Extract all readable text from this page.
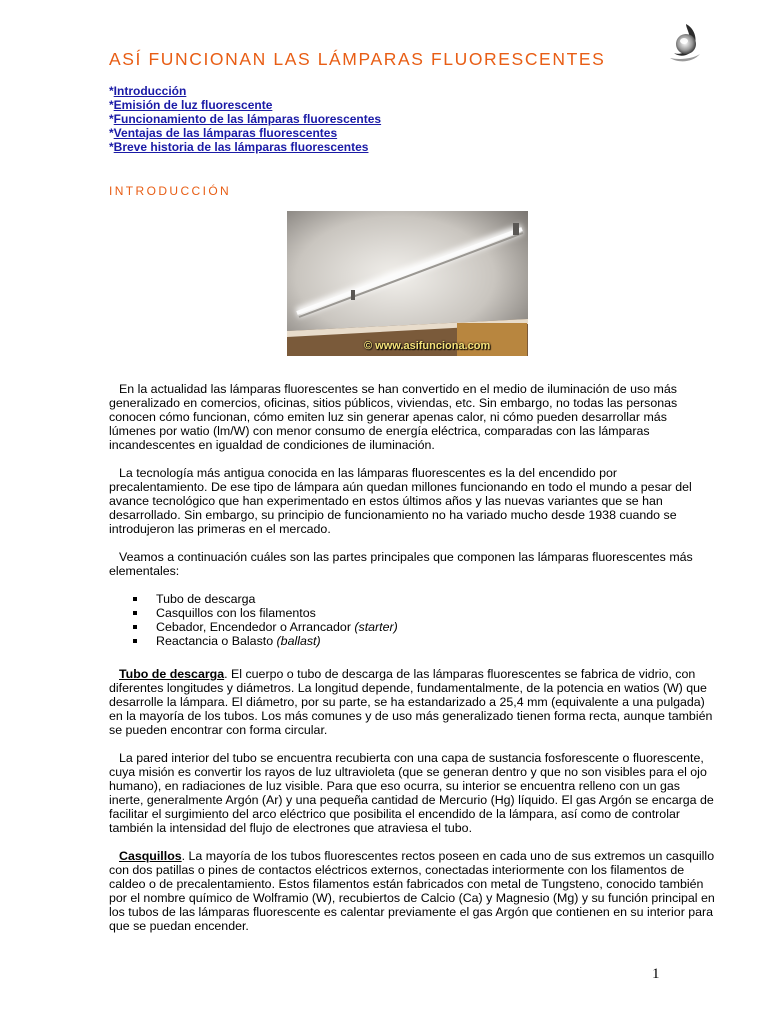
ASÍ FUNCIONAN LAS LÁMPARAS FLUORESCENTES
*Introducción
*Emisión de luz fluorescente
*Funcionamiento de las lámparas fluorescentes
*Ventajas de las lámparas fluorescentes
*Breve historia de las lámparas fluorescentes
INTRODUCCIÓN
© www.asifunciona.com

En la actualidad las lámparas fluorescentes se han convertido en el medio de iluminación de uso más generalizado en comercios, oficinas, sitios públicos, viviendas, etc. Sin embargo, no todas las personas conocen cómo funcionan, cómo emiten luz sin generar apenas calor, ni cómo pueden desarrollar más lúmenes por watio (lm/W) con menor consumo de energía eléctrica, comparadas con las lámparas incandescentes en igualdad de condiciones de iluminación.

La tecnología más antigua conocida en las lámparas fluorescentes es la del encendido por precalentamiento. De ese tipo de lámpara aún quedan millones funcionando en todo el mundo a pesar del avance tecnológico que han experimentado en estos últimos años y las nuevas variantes que se han desarrollado. Sin embargo, su principio de funcionamiento no ha variado mucho desde 1938 cuando se introdujeron las primeras en el mercado.

Veamos a continuación cuáles son las partes principales que componen las lámparas fluorescentes más elementales:

Tubo de descarga
Casquillos con los filamentos
Cebador, Encendedor o Arrancador (starter)
Reactancia o Balasto (ballast)

Tubo de descarga. El cuerpo o tubo de descarga de las lámparas fluorescentes se fabrica de vidrio, con diferentes longitudes y diámetros. La longitud depende, fundamentalmente, de la potencia en watios (W) que desarrolle la lámpara. El diámetro, por su parte, se ha estandarizado a 25,4 mm (equivalente a una pulgada) en la mayoría de los tubos. Los más comunes y de uso más generalizado tienen forma recta, aunque también se pueden encontrar con forma circular.

La pared interior del tubo se encuentra recubierta con una capa de sustancia fosforescente o fluorescente, cuya misión es convertir los rayos de luz ultravioleta (que se generan dentro y que no son visibles para el ojo humano), en radiaciones de luz visible. Para que eso ocurra, su interior se encuentra relleno con un gas inerte, generalmente Argón (Ar) y una pequeña cantidad de Mercurio (Hg) líquido. El gas Argón se encarga de facilitar el surgimiento del arco eléctrico que posibilita el encendido de la lámpara, así como de controlar también la intensidad del flujo de electrones que atraviesa el tubo.

Casquillos. La mayoría de los tubos fluorescentes rectos poseen en cada uno de sus extremos un casquillo con dos patillas o pines de contactos eléctricos externos, conectadas interiormente con los filamentos de caldeo o de precalentamiento. Estos filamentos están fabricados con metal de Tungsteno, conocido también por el nombre químico de Wolframio (W), recubiertos de Calcio (Ca) y Magnesio (Mg) y su función principal en los tubos de las lámparas fluorescente es calentar previamente el gas Argón que contienen en su interior para que se puedan encender.

1
